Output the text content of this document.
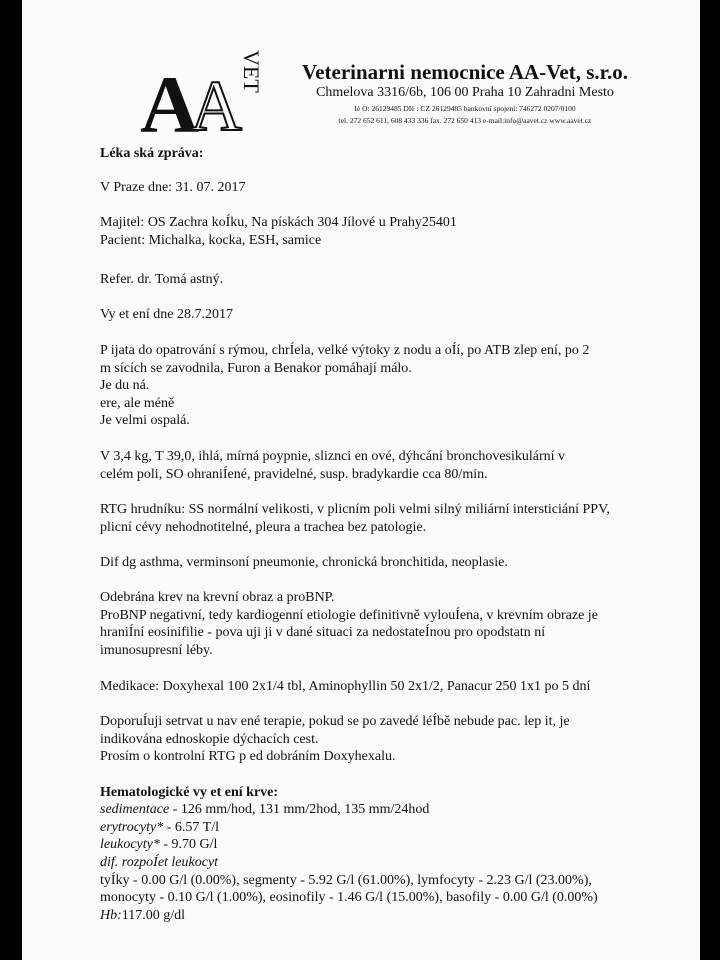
A
A
VET	Veterinarni nemocnice AA-Vet, s.r.o.
Chmelova 3316/6b, 106 00 Praha 10 Zahradni Mesto
Iè O: 26129485 DIè : CZ 26129485 bankovní spojení: 746272 0207/0100
tel. 272 652 611, 608 433 336 fax. 272 650 413 e-mail:info@aavet.cz www.aavet.cz
Léka ská zpráva:
V Praze dne: 31. 07. 2017
Majitel: OS Zachra koÍku, Na pískách 304 Jílové u Prahy25401
Pacient: Michalka, kocka, ESH, samice
Refer. dr. Tomá astný.
Vy et ení dne 28.7.2017
P ijata do opatrování s rýmou, chrÍela, velké výtoky z nodu a oÍí, po ATB zlep ení, po 2
m sících se zavodnila, Furon a Benakor pomáhají málo.
Je du ná.
ere, ale méně
Je velmi ospalá.
V 3,4 kg, T 39,0, ihlá, mírná poypnie, sliznci en ové, dýhcání bronchovesikulární v
celém poli, SO ohraniÍené, pravidelné, susp. bradykardie cca 80/min.
RTG hrudníku: SS normální velikosti, v plicním poli velmi silný miliární intersticiání PPV,
plicní cévy nehodnotitelné, pleura a trachea bez patologie.
Dif dg asthma, verminsoní pneumonie, chronická bronchitida, neoplasie.
Odebrána krev na krevní obraz a proBNP.
ProBNP negativní, tedy kardiogenní etiologie definitivně vylouÍena, v krevním obraze je
hraniÍní eosinifilie - pova uji ji v dané situaci za nedostateÍnou pro opodstatn ní
imunosupresní léby.
Medikace: Doxyhexal 100 2x1/4 tbl, Aminophyllin 50 2x1/2, Panacur 250 1x1 po 5 dní
DoporuÍuji setrvat u nav ené terapie, pokud se po zavedé léÍbě nebude pac. lep it, je
indikována ednoskopie dýchacích cest.
Prosím o kontrolní RTG p ed dobráním Doxyhexalu.
Hematologické vy et ení krve:
sedimentace - 126 mm/hod, 131 mm/2hod, 135 mm/24hod
erytrocyty* - 6.57 T/l
leukocyty* - 9.70 G/l
dif. rozpoÍet leukocyt
tyÍky - 0.00 G/l (0.00%), segmenty - 5.92 G/l (61.00%), lymfocyty - 2.23 G/l (23.00%),
monocyty - 0.10 G/l (1.00%), eosinofily - 1.46 G/l (15.00%), basofily - 0.00 G/l (0.00%)
Hb:117.00 g/dl
